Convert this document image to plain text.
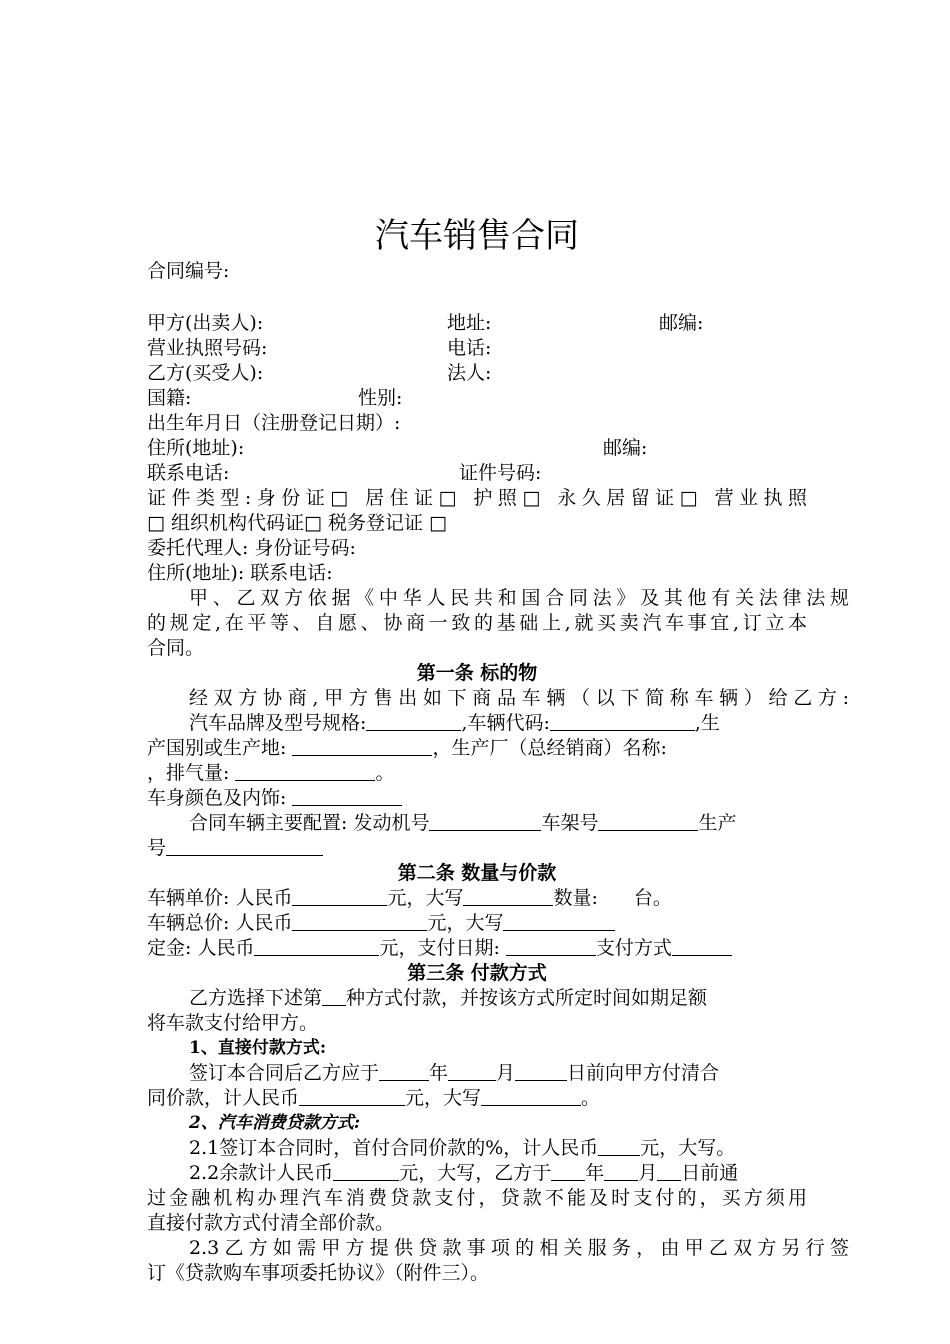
汽车销售合同
合同编号:
甲方(出卖人):	地址:	邮编:
营业执照号码:	电话:
乙方(买受人):	法人:
国籍:	性别:
出生年月日（注册登记日期）:
住所(地址):	邮编:
联系电话:	证件号码:
证件类型:身份证□ 居住证□ 护照□ 永久居留证□ 营业执照
□ 组织机构代码证□ 税务登记证 □
委托代理人: 身份证号码:
住所(地址): 联系电话:
甲、乙双方依据《中华人民共和国合同法》及其他有关法律法规
的规定,在平等、自愿、协商一致的基础上,就买卖汽车事宜,订立本
合同。
第一条 标的物
经双方协商,甲方售出如下商品车辆（以下简称车辆）给乙方:
汽车品牌及型号规格:	,车辆代码:	,生
产国别或生产地:	，生产厂（总经销商）名称:
，排气量:	。
车身颜色及内饰:
合同车辆主要配置: 发动机号	车架号	生产
号
第二条 数量与价款
车辆单价: 人民币	元，大写	数量: 台。
车辆总价: 人民币	元，大写
定金: 人民币	元，支付日期:	支付方式
第三条 付款方式
乙方选择下述第 种方式付款，并按该方式所定时间如期足额
将车款支付给甲方。
1、直接付款方式:
签订本合同后乙方应于	年	月	日前向甲方付清合
同价款，计人民币	元，大写	。
2、汽车消费贷款方式:
2.1签订本合同时，首付合同价款的%，计人民币 元，大写。
2.2余款计人民币	元，大写，乙方于 年 月 日前通
过金融机构办理汽车消费贷款支付，贷款不能及时支付的，买方须用
直接付款方式付清全部价款。
2.3乙方如需甲方提供贷款事项的相关服务，由甲乙双方另行签
订《贷款购车事项委托协议》（附件三）。
